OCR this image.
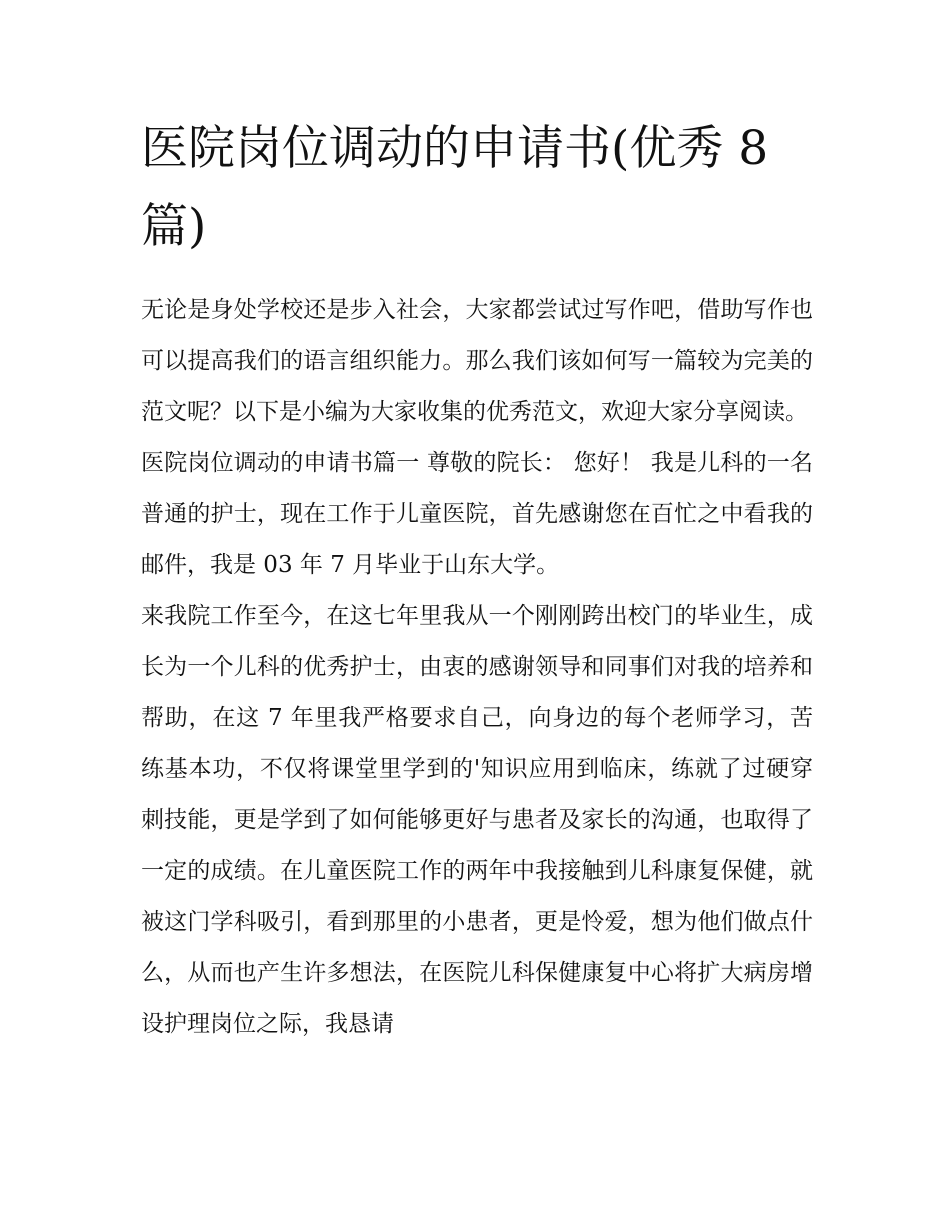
医院岗位调动的申请书(优秀 8 篇)

无论是身处学校还是步入社会，大家都尝试过写作吧，借助写作也可以提高我们的语言组织能力。那么我们该如何写一篇较为完美的范文呢？以下是小编为大家收集的优秀范文，欢迎大家分享阅读。

医院岗位调动的申请书篇一 尊敬的院长： 您好！ 我是儿科的一名普通的护士，现在工作于儿童医院，首先感谢您在百忙之中看我的邮件，我是 03 年 7 月毕业于山东大学。

来我院工作至今，在这七年里我从一个刚刚跨出校门的毕业生，成长为一个儿科的优秀护士，由衷的感谢领导和同事们对我的培养和帮助，在这 7 年里我严格要求自己，向身边的每个老师学习，苦练基本功，不仅将课堂里学到的'知识应用到临床，练就了过硬穿刺技能，更是学到了如何能够更好与患者及家长的沟通，也取得了一定的成绩。在儿童医院工作的两年中我接触到儿科康复保健，就被这门学科吸引，看到那里的小患者，更是怜爱，想为他们做点什么，从而也产生许多想法，在医院儿科保健康复中心将扩大病房增设护理岗位之际，我恳请
